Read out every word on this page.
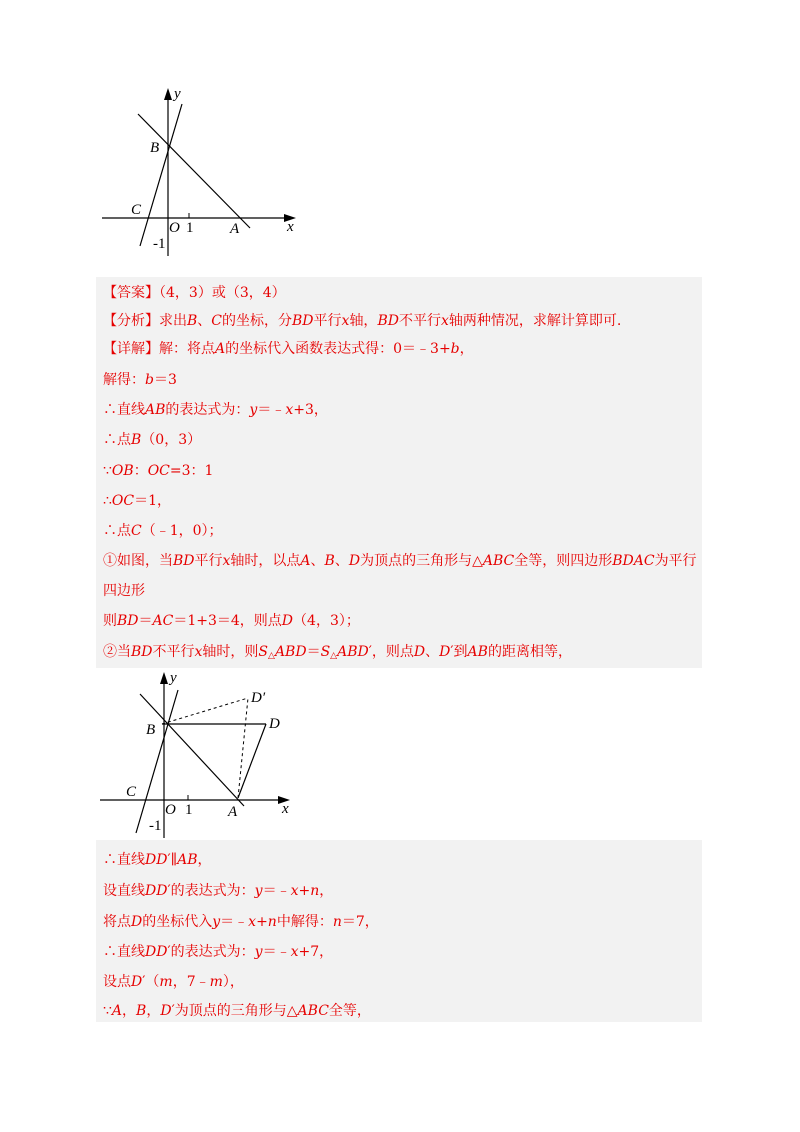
y
x
B
C
O 1 A
-1
【答案】（4，3）或（3，4）
【分析】求出B、C的坐标，分BD平行x轴，BD不平行x轴两种情况，求解计算即可.
【详解】解：将点A的坐标代入函数表达式得：0＝﹣3+b，
解得：b＝3
∴直线AB的表达式为：y＝﹣x+3，
∴点B（0，3）
∵OB：OC=3：1
∴OC＝1，
∴点C（﹣1，0）；
①如图，当BD平行x轴时，以点A、B、D为顶点的三角形与△ABC全等，则四边形BDAC为平行
四边形
则BD＝AC＝1+3＝4，则点D（4，3）；
②当BD不平行x轴时，则$S_\triangle ABD=S_\triangle ABD'$，则点D、D′到AB的距离相等，
y
x
B
C
O 1 A
-1
D
D′
∴直线DD′∥AB，
设直线DD′的表达式为：y＝﹣x+n，
将点D的坐标代入y＝﹣x+n中解得：n＝7，
∴直线DD′的表达式为：y＝﹣x+7，
设点D′（m，7﹣m），
∵A，B，D′为顶点的三角形与△ABC全等，
